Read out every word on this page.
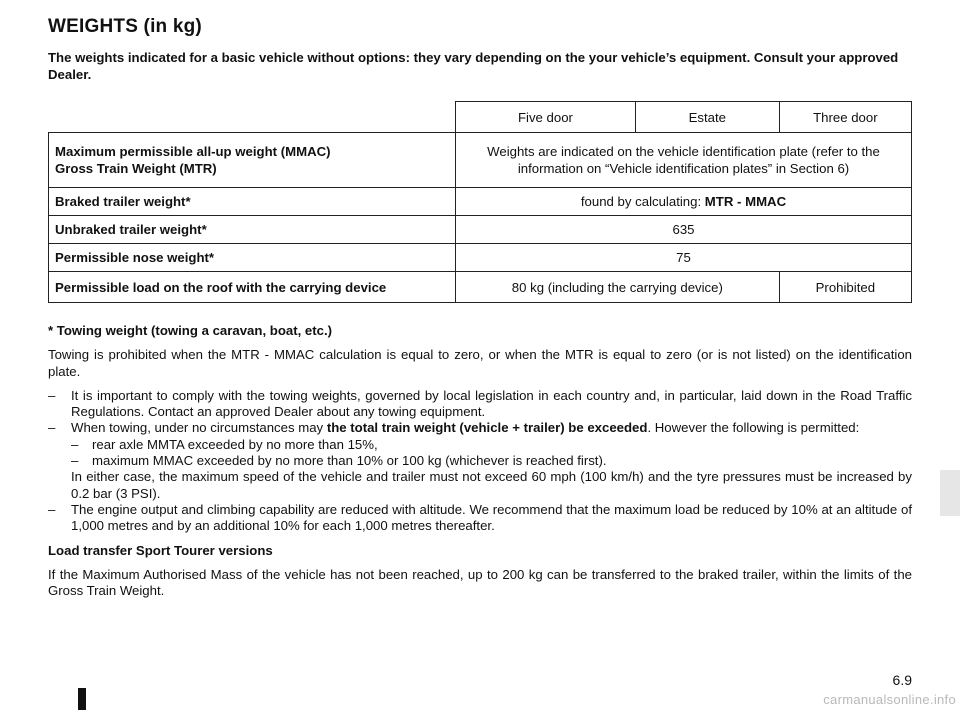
WEIGHTS (in kg)
The weights indicated for a basic vehicle without options: they vary depending on the your vehicle’s equipment. Consult your approved Dealer.
	Five door	Estate	Three door

Maximum permissible all-up weight (MMAC)
Gross Train Weight (MTR)	Weights are indicated on the vehicle identification plate (refer to the information on “Vehicle identification plates” in Section 6)		
Braked trailer weight*	found by calculating: MTR - MMAC		
Unbraked trailer weight*	635		
Permissible nose weight*	75		
Permissible load on the roof with the carrying device	80 kg (including the carrying device)		Prohibited

* Towing weight (towing a caravan, boat, etc.)

Towing is prohibited when the MTR - MMAC calculation is equal to zero, or when the MTR is equal to zero (or is not listed) on the identification plate.

–	It is important to comply with the towing weights, governed by local legislation in each country and, in particular, laid down in the Road Traffic Regulations. Contact an approved Dealer about any towing equipment.
–	When towing, under no circumstances may the total train weight (vehicle + trailer) be exceeded. However the following is permitted:
–	rear axle MMTA exceeded by no more than 15%,
–	maximum MMAC exceeded by no more than 10% or 100 kg (whichever is reached first).
In either case, the maximum speed of the vehicle and trailer must not exceed 60 mph (100 km/h) and the tyre pressures must be increased by 0.2 bar (3 PSI).
–	The engine output and climbing capability are reduced with altitude. We recommend that the maximum load be reduced by 10% at an altitude of 1,000 metres and by an additional 10% for each 1,000 metres thereafter.

Load transfer Sport Tourer versions

If the Maximum Authorised Mass of the vehicle has not been reached, up to 200 kg can be transferred to the braked trailer, within the limits of the Gross Train Weight.

6.9
carmanualsonline.info
